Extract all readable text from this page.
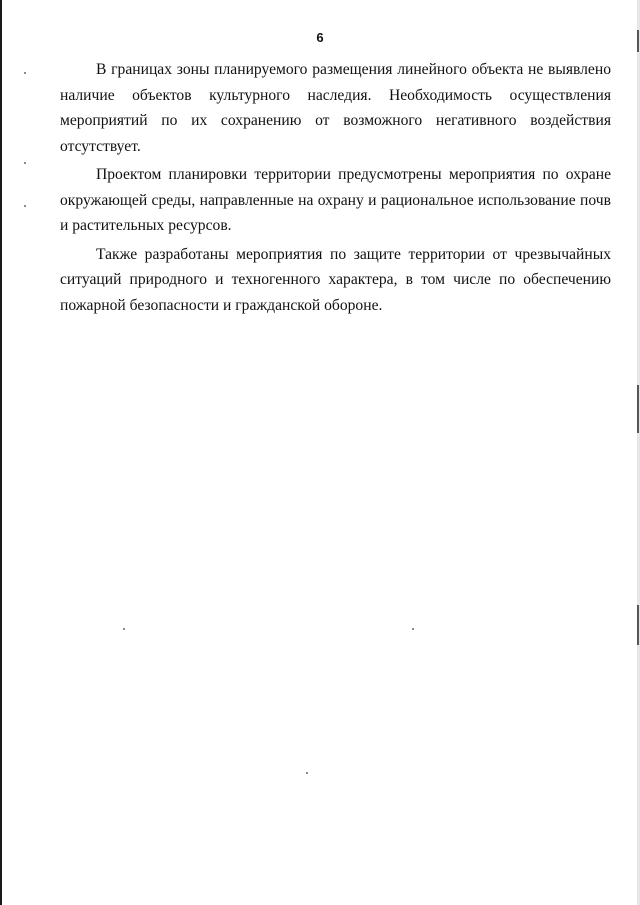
6

В границах зоны планируемого размещения линейного объекта не выявлено наличие объектов культурного наследия. Необходимость осуществления мероприятий по их сохранению от возможного негативного воздействия отсутствует.

Проектом планировки территории предусмотрены мероприятия по охране окружающей среды, направленные на охрану и рациональное использование почв и растительных ресурсов.

Также разработаны мероприятия по защите территории от чрезвычайных ситуаций природного и техногенного характера, в том числе по обеспечению пожарной безопасности и гражданской обороне.
